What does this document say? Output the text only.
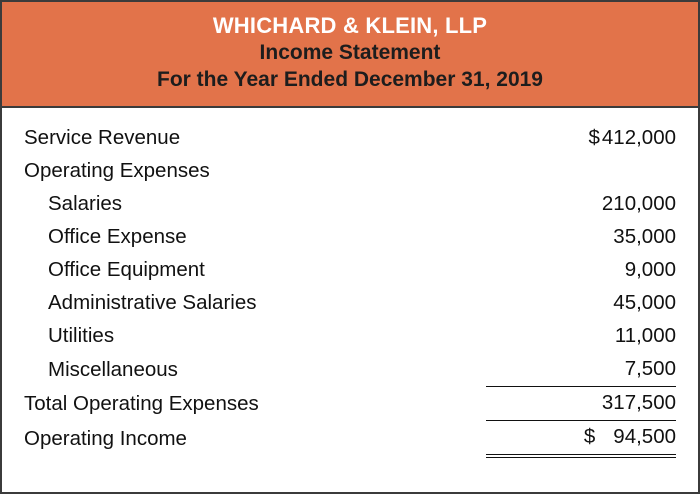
WHICHARD & KLEIN, LLP
Income Statement
For the Year Ended December 31, 2019
Service Revenue	$412,000
Operating Expenses	
Salaries	210,000
Office Expense	35,000
Office Equipment	9,000
Administrative Salaries	45,000
Utilities	11,000
Miscellaneous	7,500
Total Operating Expenses	317,500
Operating Income	$ 94,500
